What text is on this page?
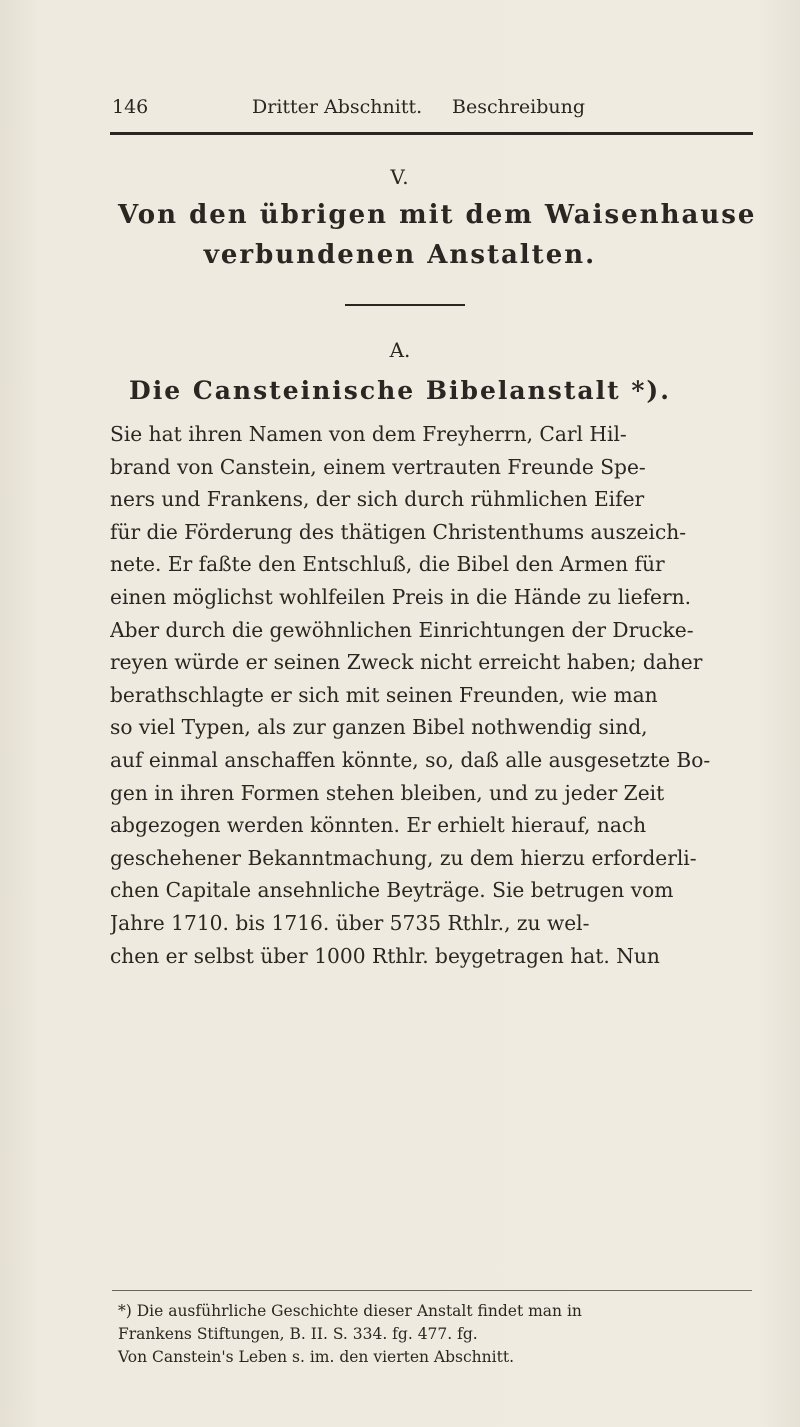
146	Dritter Abschnitt. Beschreibung
V.
Von den übrigen mit dem Waisenhause
verbundenen Anstalten.
A.
Die Cansteinische Bibelanstalt *).
Sie hat ihren Namen von dem Freyherrn, Carl Hil-
brand von Canstein, einem vertrauten Freunde Spe-
ners und Frankens, der sich durch rühmlichen Eifer
für die Förderung des thätigen Christenthums auszeich-
nete. Er faßte den Entschluß, die Bibel den Armen für
einen möglichst wohlfeilen Preis in die Hände zu liefern.
Aber durch die gewöhnlichen Einrichtungen der Drucke-
reyen würde er seinen Zweck nicht erreicht haben; daher
berathschlagte er sich mit seinen Freunden, wie man
so viel Typen, als zur ganzen Bibel nothwendig sind,
auf einmal anschaffen könnte, so, daß alle ausgesetzte Bo-
gen in ihren Formen stehen bleiben, und zu jeder Zeit
abgezogen werden könnten. Er erhielt hierauf, nach
geschehener Bekanntmachung, zu dem hierzu erforderli-
chen Capitale ansehnliche Beyträge. Sie betrugen vom
Jahre 1710. bis 1716. über 5735 Rthlr., zu wel-
chen er selbst über 1000 Rthlr. beygetragen hat. Nun
*) Die ausführliche Geschichte dieser Anstalt findet man in
Frankens Stiftungen, B. II. S. 334. fg. 477. fg.
Von Canstein's Leben s. im. den vierten Abschnitt.
